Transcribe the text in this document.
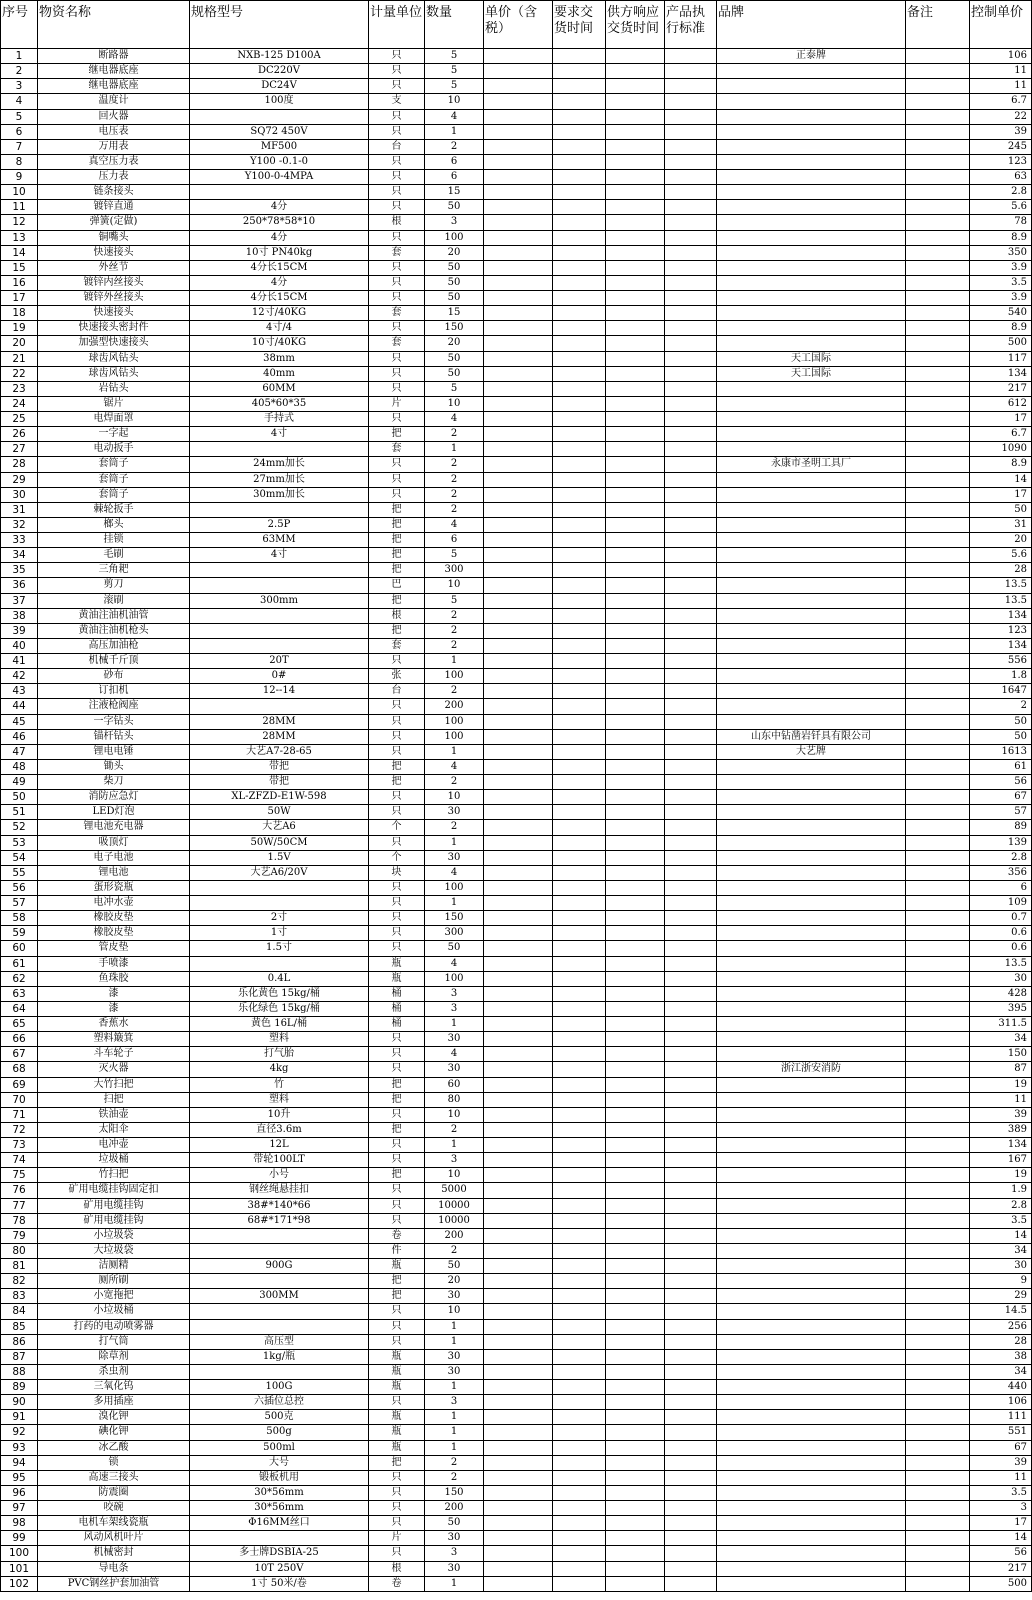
序号	物资名称	规格型号	计量单位	数量	单价（含税）	要求交货时间	供方响应交货时间	产品执行标准	品牌	备注	控制单价
1	断路器	NXB-125 D100A	只	5					正泰牌		106
2	继电器底座	DC220V	只	5							11
3	继电器底座	DC24V	只	5							11
4	温度计	100度	支	10							6.7
5	回火器		只	4							22
6	电压表	SQ72 450V	只	1							39
7	万用表	MF500	台	2							245
8	真空压力表	Y100 -0.1-0	只	6							123
9	压力表	Y100-0-4MPA	只	6							63
10	链条接头		只	15							2.8
11	镀锌直通	4分	只	50							5.6
12	弹簧(定做)	250*78*58*10	根	3							78
13	铜嘴头	4分	只	100							8.9
14	快速接头	10寸 PN40kg	套	20							350
15	外丝节	4分长15CM	只	50							3.9
16	镀锌内丝接头	4分	只	50							3.5
17	镀锌外丝接头	4分长15CM	只	50							3.9
18	快速接头	12寸/40KG	套	15							540
19	快速接头密封件	4寸/4	只	150							8.9
20	加强型快速接头	10寸/40KG	套	20							500
21	球齿风钻头	38mm	只	50					天工国际		117
22	球齿风钻头	40mm	只	50					天工国际		134
23	岩钻头	60MM	只	5							217
24	锯片	405*60*35	片	10							612
25	电焊面罩	手持式	只	4							17
26	一字起	4寸	把	2							6.7
27	电动扳手		套	1							1090
28	套筒子	24mm加长	只	2					永康市圣明工具厂		8.9
29	套筒子	27mm加长	只	2							14
30	套筒子	30mm加长	只	2							17
31	棘轮扳手		把	2							50
32	榔头	2.5P	把	4							31
33	挂锁	63MM	把	6							20
34	毛刷	4寸	把	5							5.6
35	三角耙		把	300							28
36	剪刀		巴	10							13.5
37	滚刷	300mm	把	5							13.5
38	黄油注油机油管		根	2							134
39	黄油注油机枪头		把	2							123
40	高压加油枪		套	2							134
41	机械千斤顶	20T	只	1							556
42	砂布	0#	张	100							1.8
43	订扣机	12--14	台	2							1647
44	注液枪阀座		只	200							2
45	一字钻头	28MM	只	100							50
46	锚杆钻头	28MM	只	100					山东中钻凿岩钎具有限公司		50
47	锂电电锤	大艺A7-28-65	只	1					大艺牌		1613
48	锄头	带把	把	4							61
49	柴刀	带把	把	2							56
50	消防应急灯	XL-ZFZD-E1W-598	只	10							67
51	LED灯泡	50W	只	30							57
52	锂电池充电器	大艺A6	个	2							89
53	吸顶灯	50W/50CM	只	1							139
54	电子电池	1.5V	个	30							2.8
55	锂电池	大艺A6/20V	块	4							356
56	蛋形瓷瓶		只	100							6
57	电冲水壶		只	1							109
58	橡胶皮垫	2寸	只	150							0.7
59	橡胶皮垫	1寸	只	300							0.6
60	管皮垫	1.5寸	只	50							0.6
61	手喷漆		瓶	4							13.5
62	鱼珠胶	0.4L	瓶	100							30
63	漆	乐化黄色 15kg/桶	桶	3							428
64	漆	乐化绿色 15kg/桶	桶	3							395
65	香蕉水	黄色 16L/桶	桶	1							311.5
66	塑料簸箕	塑料	只	30							34
67	斗车轮子	打气胎	只	4							150
68	灭火器	4kg	只	30					浙江浙安消防		87
69	大竹扫把	竹	把	60							19
70	扫把	塑料	把	80							11
71	铁油壶	10升	只	10							39
72	太阳伞	直径3.6m	把	2							389
73	电冲壶	12L	只	1							134
74	垃圾桶	带轮100LT	只	3							167
75	竹扫把	小号	把	10							19
76	矿用电缆挂钩固定扣	钢丝绳悬挂扣	只	5000							1.9
77	矿用电缆挂钩	38#*140*66	只	10000							2.8
78	矿用电缆挂钩	68#*171*98	只	10000							3.5
79	小垃圾袋		卷	200							14
80	大垃圾袋		件	2							34
81	洁厕精	900G	瓶	50							30
82	厕所刷		把	20							9
83	小宽拖把	300MM	把	30							29
84	小垃圾桶		只	10							14.5
85	打药的电动喷雾器		只	1							256
86	打气筒	高压型	只	1							28
87	除草剂	1kg/瓶	瓶	30							38
88	杀虫剂		瓶	30							34
89	三氧化钨	100G	瓶	1							440
90	多用插座	六插位总控	只	3							106
91	溴化钾	500克	瓶	1							111
92	碘化钾	500g	瓶	1							551
93	冰乙酸	500ml	瓶	1							67
94	锁	大号	把	2							39
95	高速三接头	锻板机用	只	2							11
96	防震圈	30*56mm	只	150							3.5
97	咬碗	30*56mm	只	200							3
98	电机车架线瓷瓶	Φ16MM丝口	只	50							17
99	风动风机叶片		片	30							14
100	机械密封	多士牌DSBIA-25	只	3							56
101	导电条	10T 250V	根	30							217
102	PVC钢丝护套加油管	1寸 50米/卷	卷	1							500
